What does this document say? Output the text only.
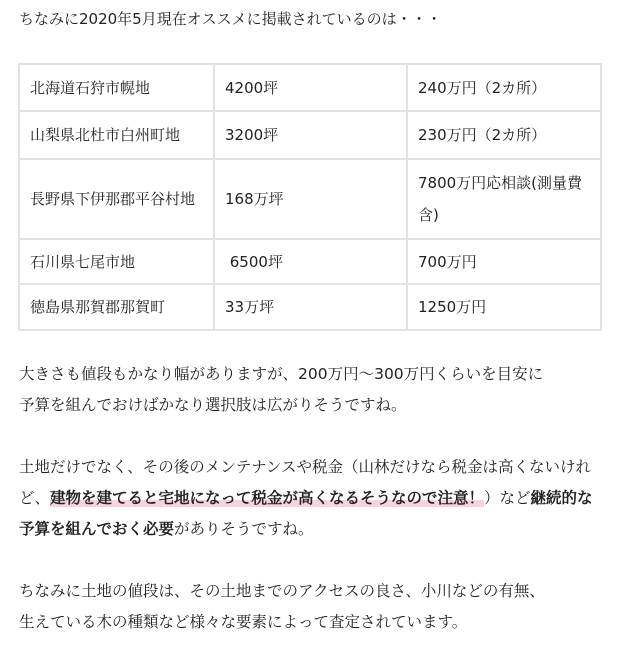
ちなみに2020年5月現在オススメに掲載されているのは・・・
北海道石狩市幌地	4200坪	240万円（2カ所）
山梨県北杜市白州町地	3200坪	230万円（2カ所）
長野県下伊那郡平谷村地	168万坪	7800万円応相談(測量費含)
石川県七尾市地	6500坪	700万円
徳島県那賀郡那賀町	33万坪	1250万円

大きさも値段もかなり幅がありますが、200万円～300万円くらいを目安に
予算を組んでおけばかなり選択肢は広がりそうですね。

土地だけでなく、その後のメンテナンスや税金（山林だけなら税金は高くないけれど、建物を建てると宅地になって税金が高くなるそうなので注意！）など継続的な予算を組んでおく必要がありそうですね。

ちなみに土地の値段は、その土地までのアクセスの良さ、小川などの有無、
生えている木の種類など様々な要素によって査定されています。
